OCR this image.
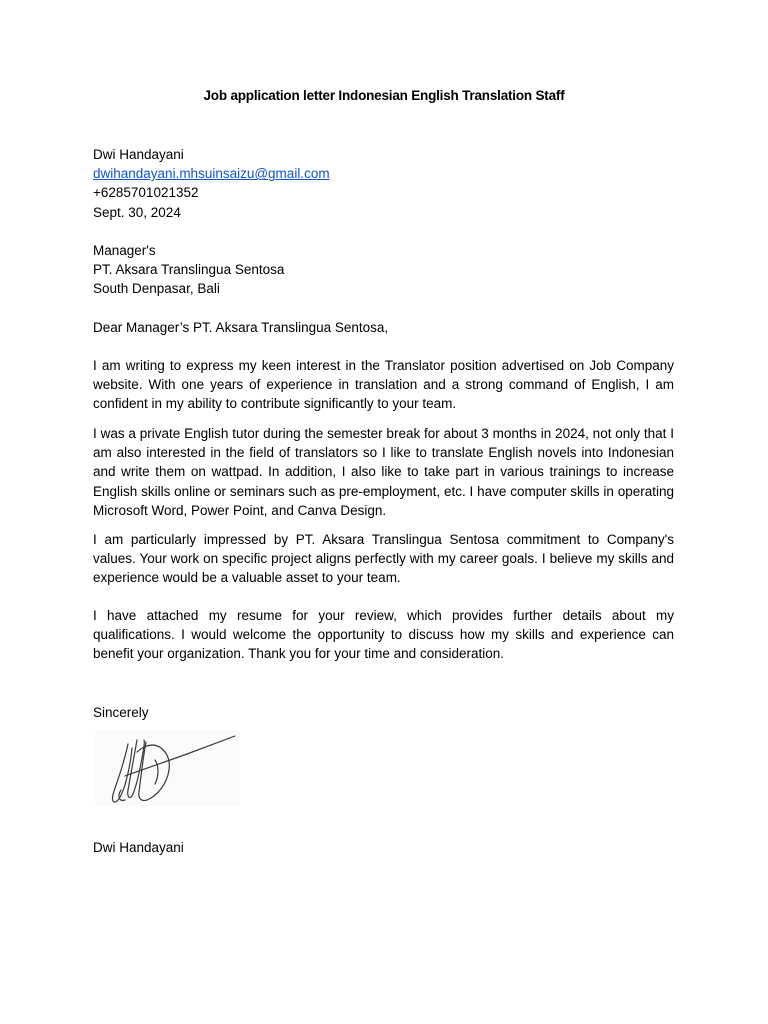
Job application letter Indonesian English Translation Staff
Dwi Handayani
dwihandayani.mhsuinsaizu@gmail.com
+6285701021352
Sept. 30, 2024
Manager's
PT. Aksara Translingua Sentosa
South Denpasar, Bali
Dear Manager’s PT. Aksara Translingua Sentosa,

I am writing to express my keen interest in the Translator position advertised on Job Company website. With one years of experience in translation and a strong command of English, I am confident in my ability to contribute significantly to your team.

I was a private English tutor during the semester break for about 3 months in 2024, not only that I am also interested in the field of translators so I like to translate English novels into Indonesian and write them on wattpad. In addition, I also like to take part in various trainings to increase English skills online or seminars such as pre-employment, etc. I have computer skills in operating Microsoft Word, Power Point, and Canva Design.

I am particularly impressed by PT. Aksara Translingua Sentosa commitment to Company's values. Your work on specific project aligns perfectly with my career goals. I believe my skills and experience would be a valuable asset to your team.

I have attached my resume for your review, which provides further details about my qualifications. I would welcome the opportunity to discuss how my skills and experience can benefit your organization. Thank you for your time and consideration.

Sincerely
Dwi Handayani
